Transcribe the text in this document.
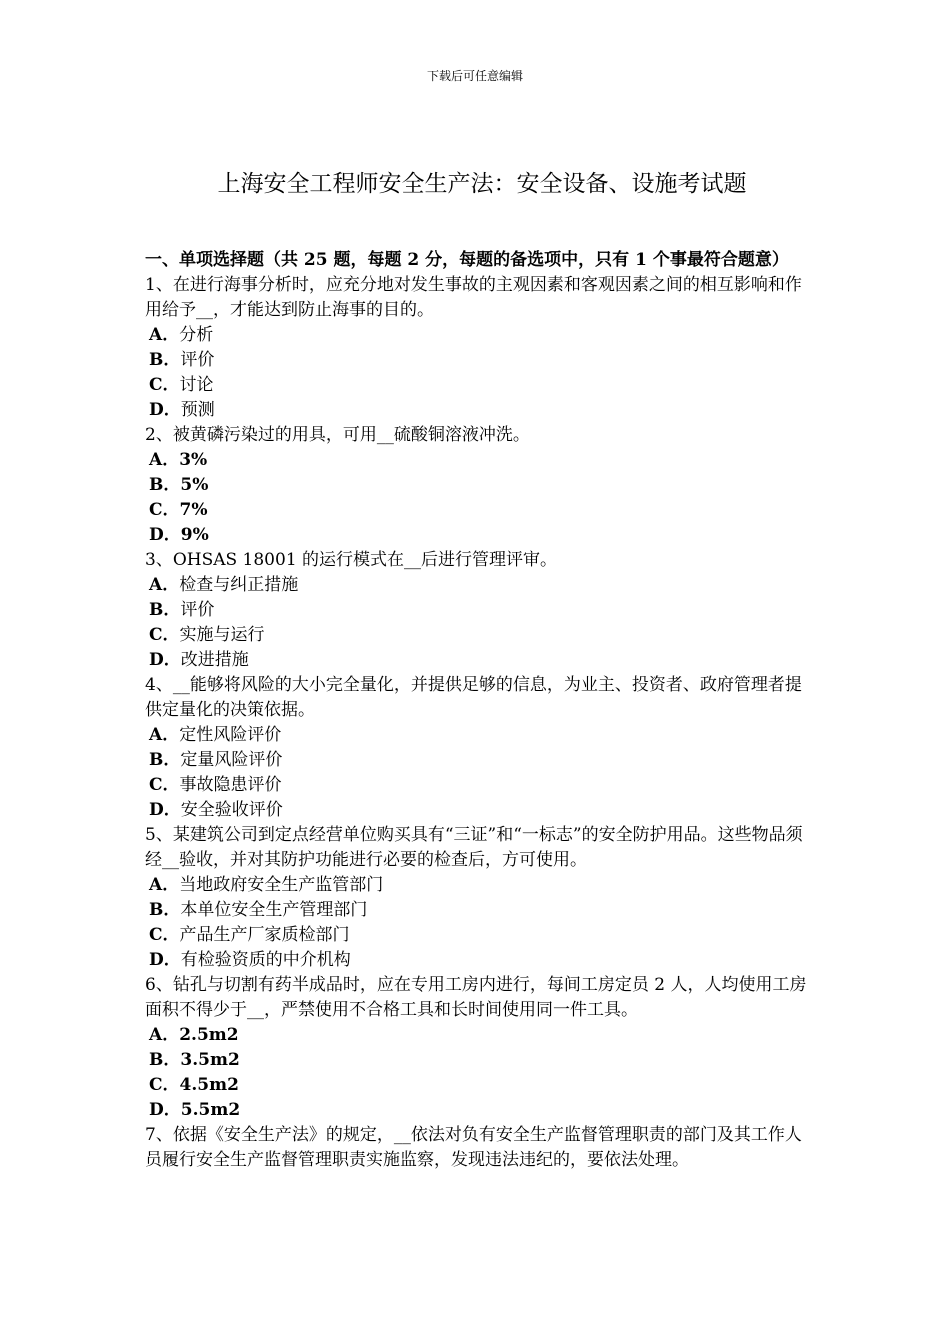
下载后可任意编辑
上海安全工程师安全生产法：安全设备、设施考试题

一、单项选择题（共 25 题，每题 2 分，每题的备选项中，只有 1 个事最符合题意）

1、在进行海事分析时，应充分地对发生事故的主观因素和客观因素之间的相互影响和作用给予__，才能达到防止海事的目的。

A．分析
B．评价
C．讨论
D．预测

2、被黄磷污染过的用具，可用__硫酸铜溶液冲洗。

A．3%
B．5%
C．7%
D．9%

3、OHSAS 18001 的运行模式在__后进行管理评审。

A．检查与纠正措施
B．评价
C．实施与运行
D．改进措施

4、__能够将风险的大小完全量化，并提供足够的信息，为业主、投资者、政府管理者提供定量化的决策依据。

A．定性风险评价
B．定量风险评价
C．事故隐患评价
D．安全验收评价

5、某建筑公司到定点经营单位购买具有“三证”和“一标志”的安全防护用品。这些物品须经__验收，并对其防护功能进行必要的检查后，方可使用。

A．当地政府安全生产监管部门
B．本单位安全生产管理部门
C．产品生产厂家质检部门
D．有检验资质的中介机构

6、钻孔与切割有药半成品时，应在专用工房内进行，每间工房定员 2 人，人均使用工房面积不得少于__，严禁使用不合格工具和长时间使用同一件工具。

A．2.5m2
B．3.5m2
C．4.5m2
D．5.5m2

7、依据《安全生产法》的规定，__依法对负有安全生产监督管理职责的部门及其工作人员履行安全生产监督管理职责实施监察，发现违法违纪的，要依法处理。
